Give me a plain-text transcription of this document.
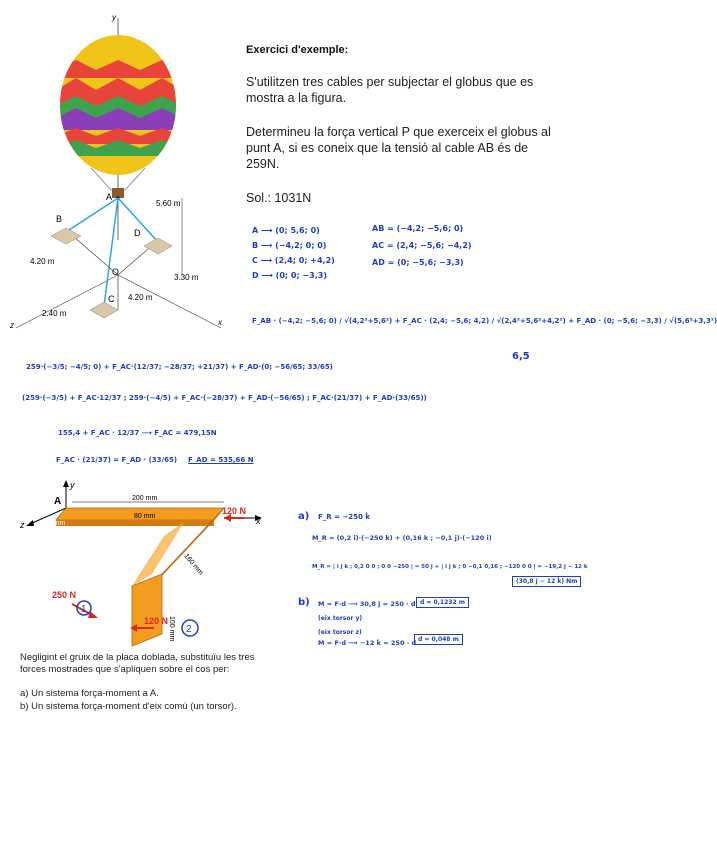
y
A
x
z
B
D
C
O
5.60 m
4.20 m
3.30 m
4.20 m
2.40 m
Exercici d'exemple:
S'utilitzen tres cables per subjectar el globus que es mostra a la figura.
Determineu la força vertical P que exerceix el globus al punt A, si es coneix que la tensió al cable AB és de 259N.
Sol.: 1031N
A ⟶ (0; 5,6; 0)
B ⟶ (−4,2; 0; 0)
C ⟶ (2,4; 0; +4,2)
D ⟶ (0; 0; −3,3)
AB = (−4,2; −5,6; 0)
AC = (2,4; −5,6; −4,2)
AD = (0; −5,6; −3,3)
F_AB · (−4,2; −5,6; 0) / √(4,2²+5,6²) + F_AC · (2,4; −5,6; 4,2) / √(2,4²+5,6²+4,2²) + F_AD · (0; −5,6; −3,3) / √(5,6²+3,3²)
6,5
259·(−3/5; −4/5; 0) + F_AC·(12/37; −28/37; +21/37) + F_AD·(0; −56/65; 33/65)
(259·(−3/5) + F_AC·12/37 ; 259·(−4/5) + F_AC·(−28/37) + F_AD·(−56/65) ; F_AC·(21/37) + F_AD·(33/65))
155,4 + F_AC · 12/37 ⟶ F_AC = 479,15N
F_AC · (21/37) = F_AD · (33/65) F_AD = 535,66 N
y
z	x
A	200 mm
80 mm
20 mm
160 mm
100 mm
120 N
250 N
120 N
1
2
Negligint el gruix de la placa doblada, substituïu les tres forces mostrades que s'apliquen sobre el cos per:
a) Un sistema força-moment a A.
b) Un sistema força-moment d'eix comú (un torsor).
a) F_R = −250 k̂
M_R = (0,2 i)·(−250 k) + (0,16 k ; −0,1 j)·(−120 i)
M_R = | i j k ; 0,2 0 0 ; 0 0 −250 | = 50 j + | i j k ; 0 −0,1 0,16 ; −120 0 0 | = −19,2 j − 12 k
(30,8 ĵ − 12 k̂) Nm
b) M = F·d ⟶ 30,8 ĵ = 250 · d d = 0,1232 m
(eix torsor y)
(eix torsor z)
M = F·d ⟶ −12 k̂ = 250 · d d = 0,048 m
